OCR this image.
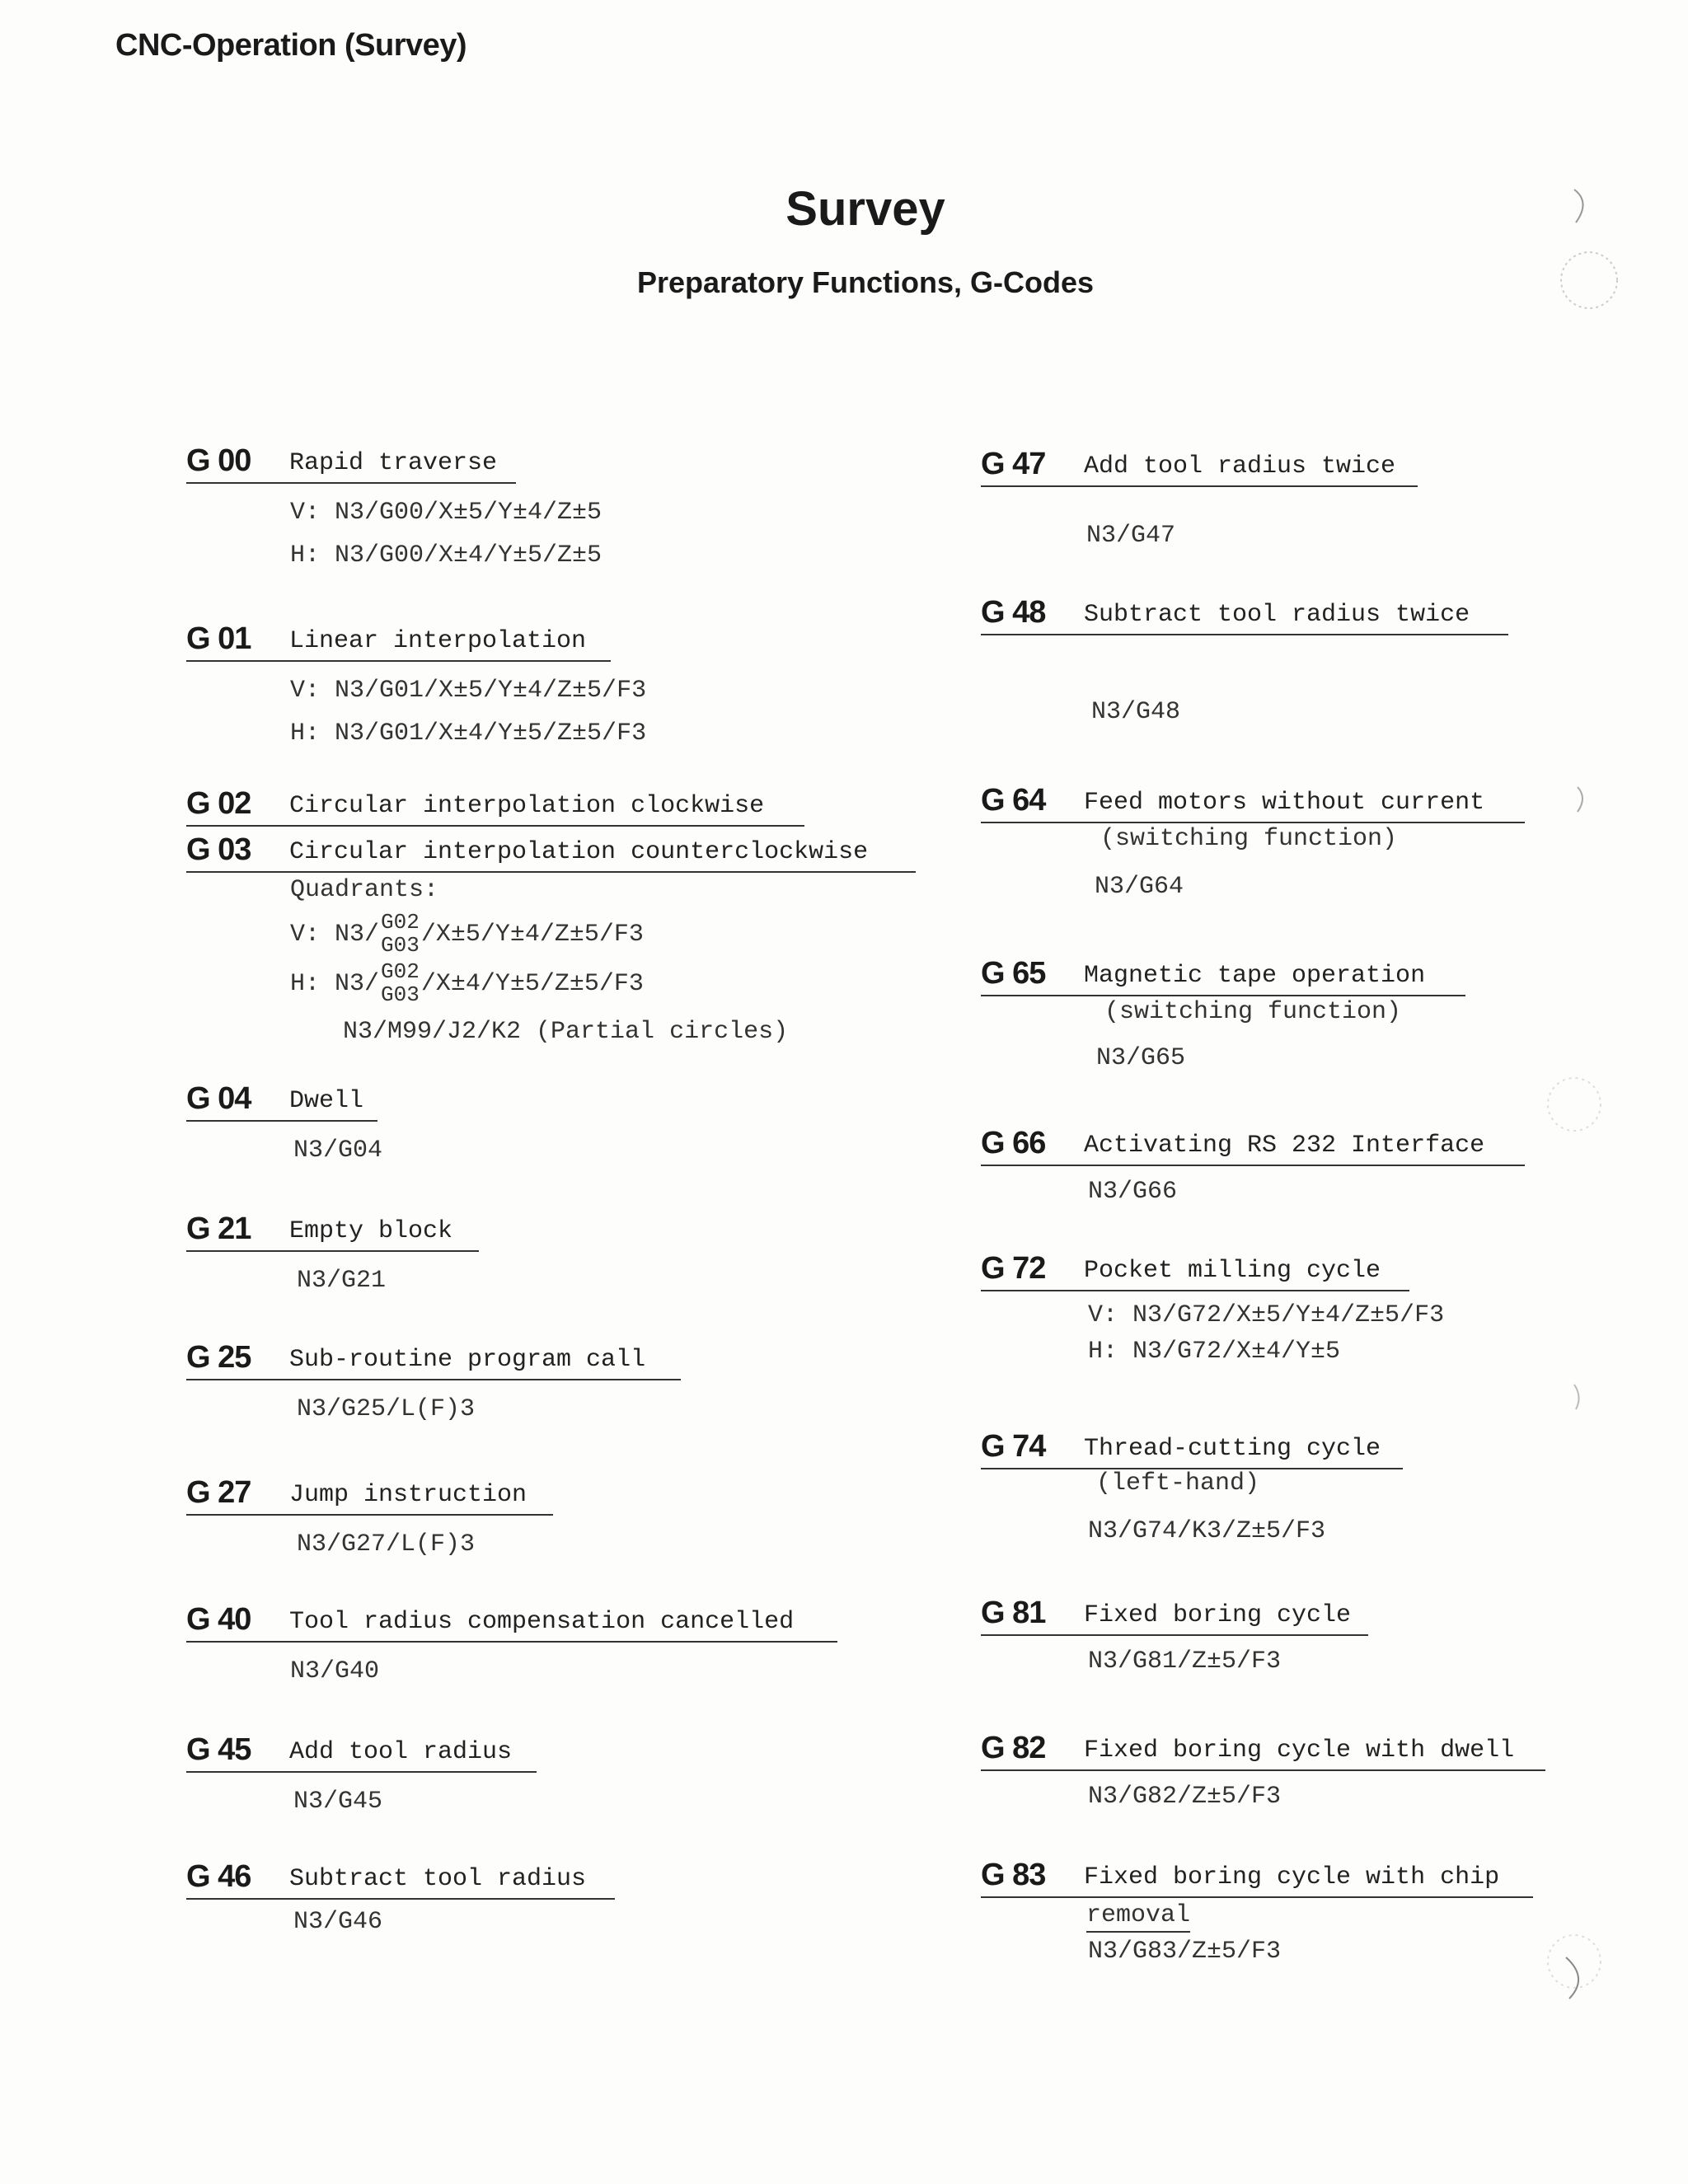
CNC-Operation (Survey)
Survey
Preparatory Functions, G-Codes
G 00	Rapid traverse
V: N3/G00/X±5/Y±4/Z±5
H: N3/G00/X±4/Y±5/Z±5
G 01	Linear interpolation
V: N3/G01/X±5/Y±4/Z±5/F3
H: N3/G01/X±4/Y±5/Z±5/F3
G 02	Circular interpolation clockwise
G 03	Circular interpolation counterclockwise
Quadrants:
V: N3/ G02
G03 /X±5/Y±4/Z±5/F3
H: N3/ G02
G03 /X±4/Y±5/Z±5/F3
N3/M99/J2/K2 (Partial circles)
G 04	Dwell
N3/G04
G 21	Empty block
N3/G21
G 25	Sub-routine program call
N3/G25/L(F)3
G 27	Jump instruction
N3/G27/L(F)3
G 40	Tool radius compensation cancelled
N3/G40
G 45	Add tool radius
N3/G45
G 46	Subtract tool radius
N3/G46
G 47	Add tool radius twice
N3/G47
G 48	Subtract tool radius twice
N3/G48
G 64	Feed motors without current
(switching function)
N3/G64
G 65	Magnetic tape operation
(switching function)
N3/G65
G 66	Activating RS 232 Interface
N3/G66
G 72	Pocket milling cycle
V: N3/G72/X±5/Y±4/Z±5/F3
H: N3/G72/X±4/Y±5
G 74	Thread-cutting cycle
(left-hand)
N3/G74/K3/Z±5/F3
G 81	Fixed boring cycle
N3/G81/Z±5/F3
G 82	Fixed boring cycle with dwell
N3/G82/Z±5/F3
G 83	Fixed boring cycle with chip
removal
N3/G83/Z±5/F3
